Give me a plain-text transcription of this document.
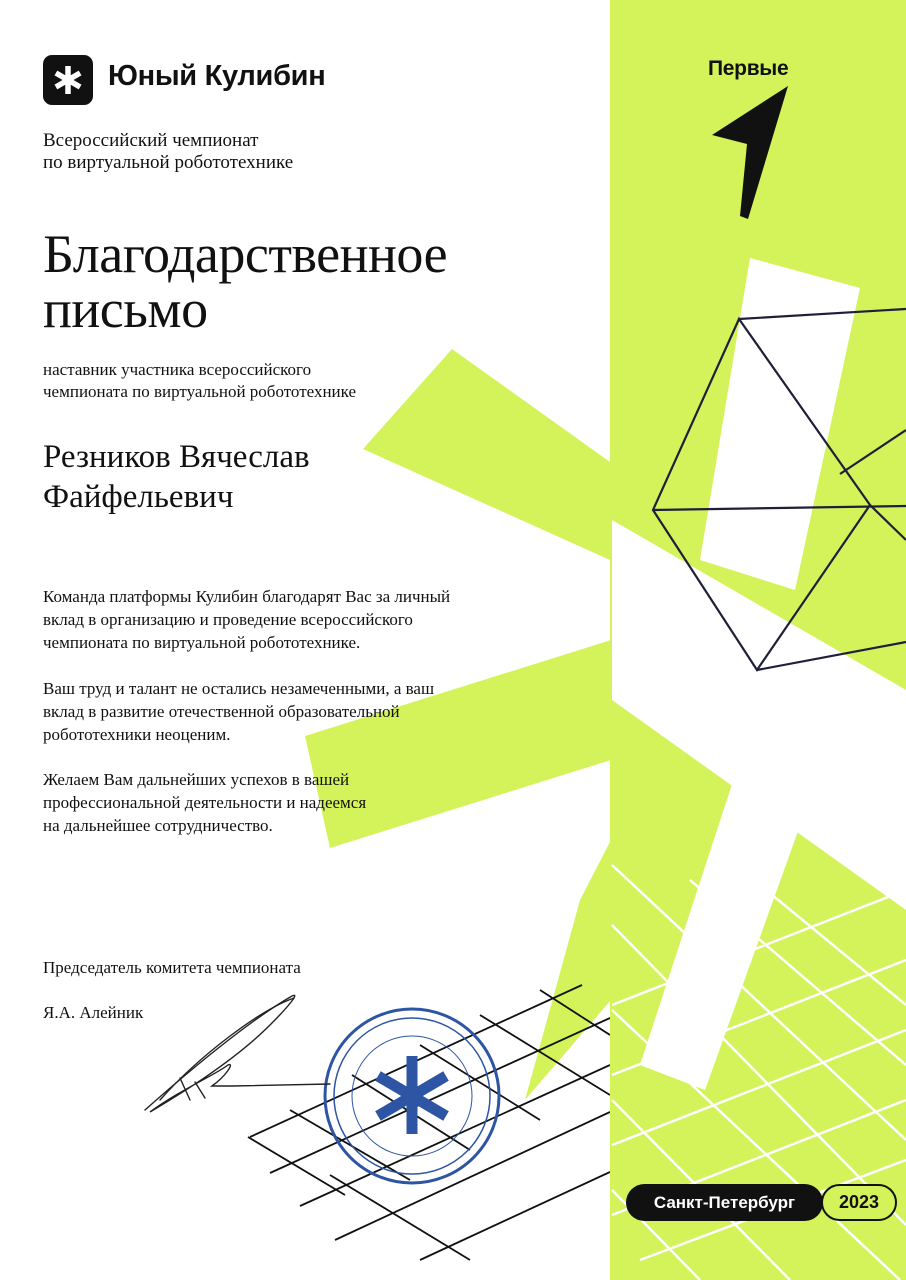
Юный Кулибин	Первые
Всероссийский чемпионат
по виртуальной робототехнике
Благодарственное
письмо
наставник участника всероссийского
чемпионата по виртуальной робототехнике
Резников Вячеслав
Файфельевич
Команда платформы Кулибин благодарят Вас за личный
вклад в организацию и проведение всероссийского
чемпионата по виртуальной робототехнике.
Ваш труд и талант не остались незамеченными, а ваш
вклад в развитие отечественной образовательной
робототехники неоценим.
Желаем Вам дальнейших успехов в вашей
профессиональной деятельности и надеемся
на дальнейшее сотрудничество.
Председатель комитета чемпионата
Я.А. Алейник
Санкт-Петербург	2023
